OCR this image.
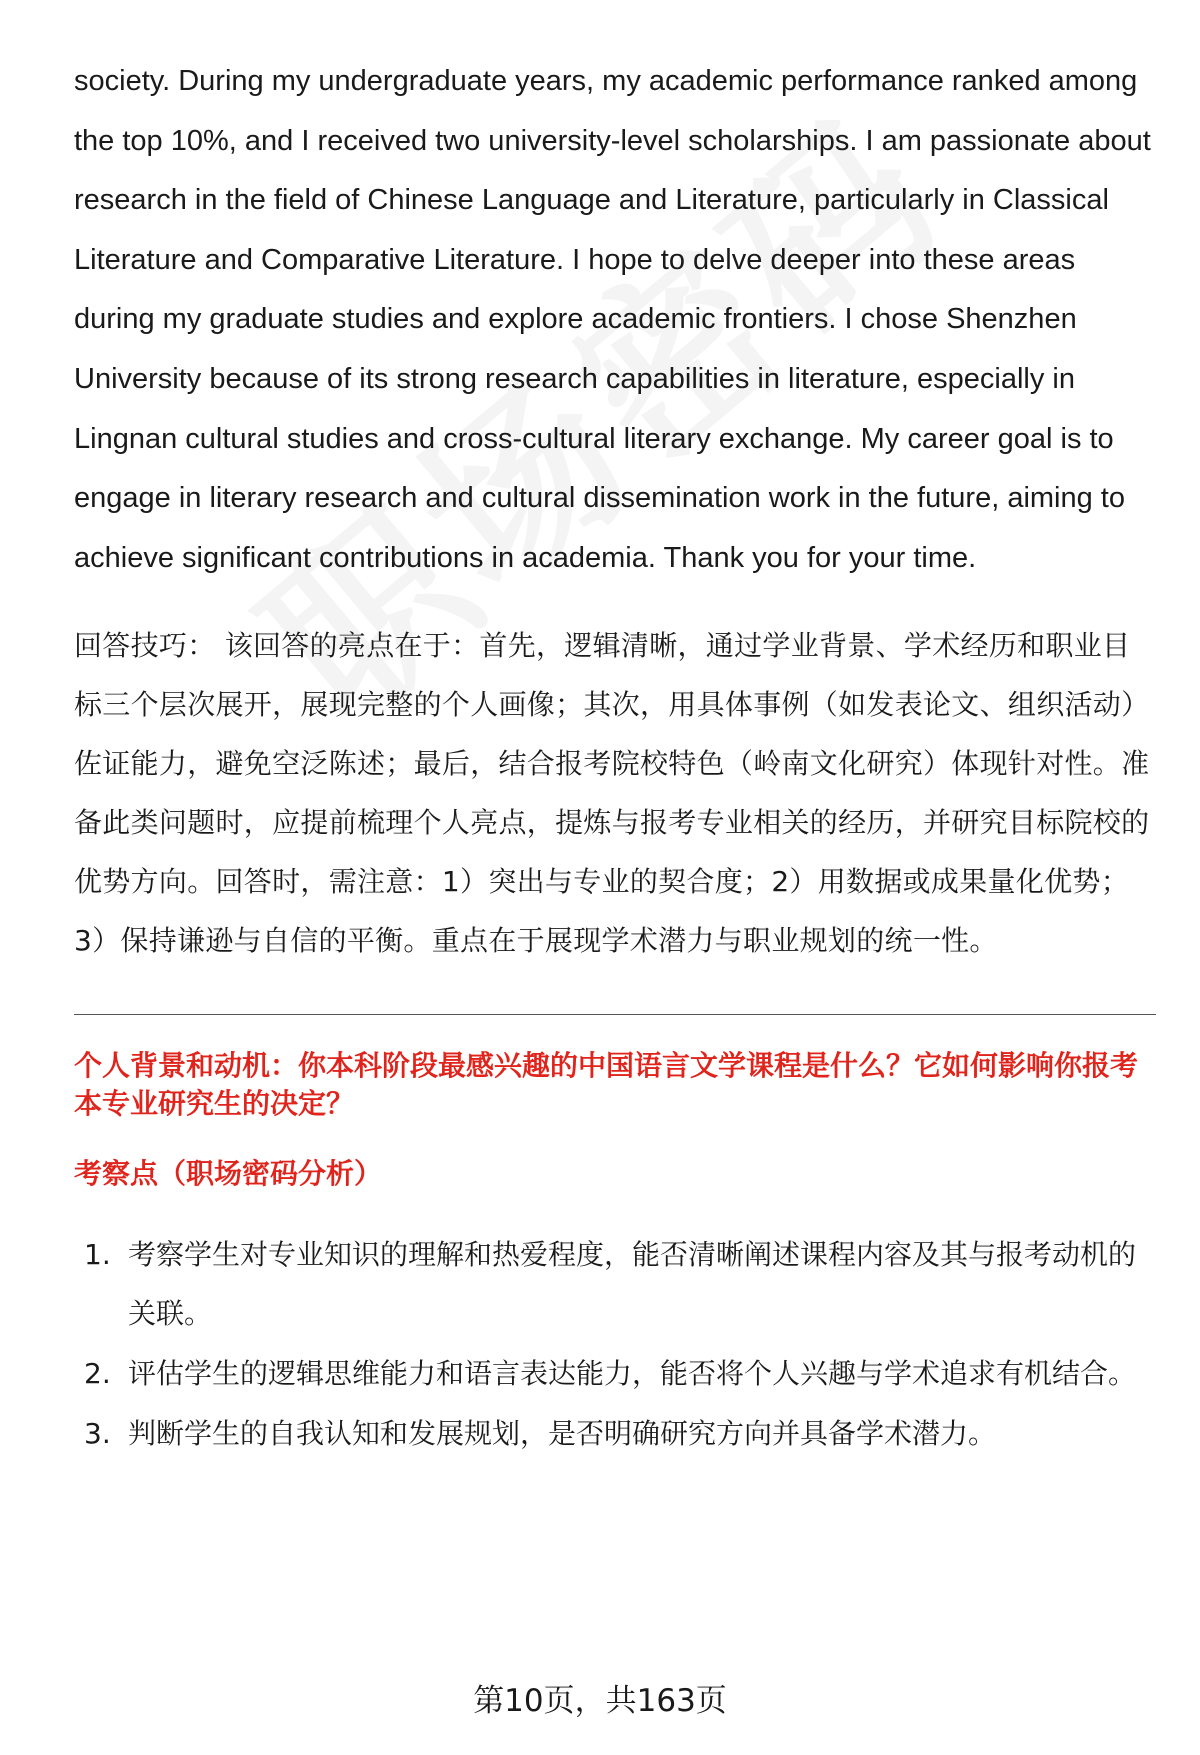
society. During my undergraduate years, my academic performance ranked among the top 10%, and I received two university-level scholarships. I am passionate about research in the field of Chinese Language and Literature, particularly in Classical Literature and Comparative Literature. I hope to delve deeper into these areas during my graduate studies and explore academic frontiers. I chose Shenzhen University because of its strong research capabilities in literature, especially in Lingnan cultural studies and cross-cultural literary exchange. My career goal is to engage in literary research and cultural dissemination work in the future, aiming to achieve significant contributions in academia. Thank you for your time.

回答技巧： 该回答的亮点在于：首先，逻辑清晰，通过学业背景、学术经历和职业目标三个层次展开，展现完整的个人画像；其次，用具体事例（如发表论文、组织活动）佐证能力，避免空泛陈述；最后，结合报考院校特色（岭南文化研究）体现针对性。准备此类问题时，应提前梳理个人亮点，提炼与报考专业相关的经历，并研究目标院校的优势方向。回答时，需注意：1）突出与专业的契合度；2）用数据或成果量化优势；3）保持谦逊与自信的平衡。重点在于展现学术潜力与职业规划的统一性。

个人背景和动机：你本科阶段最感兴趣的中国语言文学课程是什么？它如何影响你报考本专业研究生的决定？
考察点（职场密码分析）
1. 考察学生对专业知识的理解和热爱程度，能否清晰阐述课程内容及其与报考动机的关联。
2. 评估学生的逻辑思维能力和语言表达能力，能否将个人兴趣与学术追求有机结合。
3. 判断学生的自我认知和发展规划，是否明确研究方向并具备学术潜力。
第10页，共163页
